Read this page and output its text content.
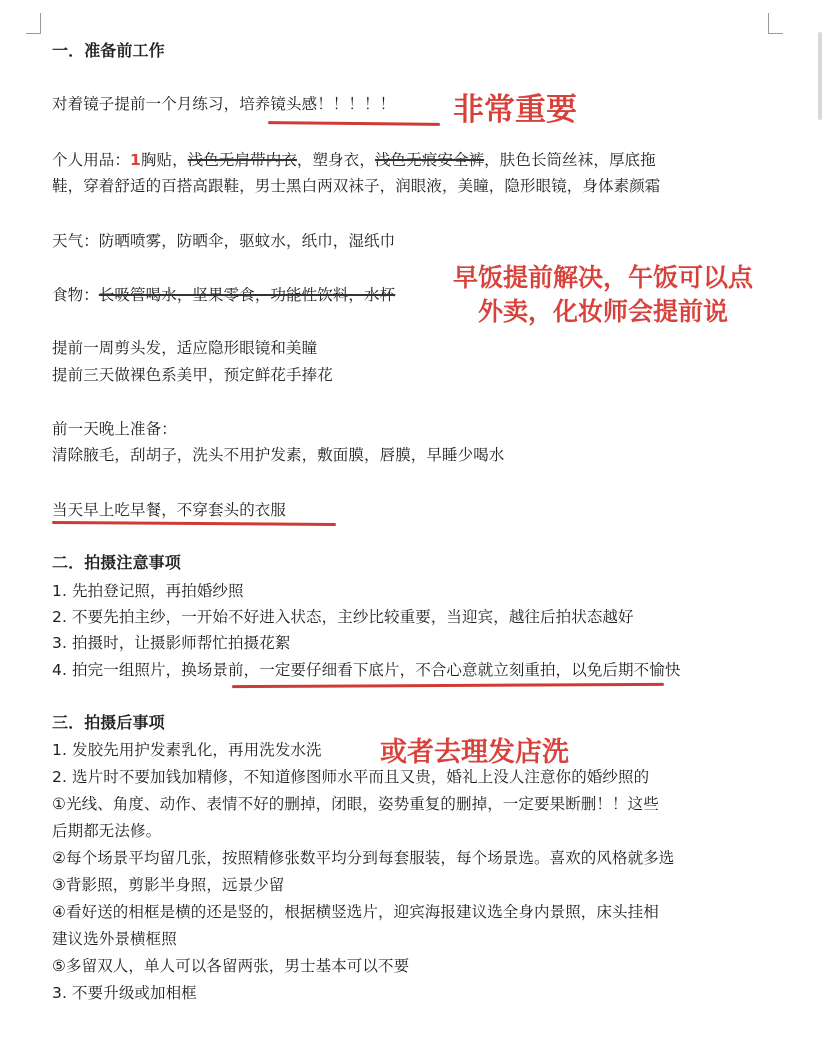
一．准备前工作
对着镜子提前一个月练习，培养镜头感！！！！！
个人用品：1胸贴，浅色无肩带内衣，塑身衣，浅色无痕安全裤，肤色长筒丝袜，厚底拖
鞋，穿着舒适的百搭高跟鞋，男士黑白两双袜子，润眼液，美瞳，隐形眼镜，身体素颜霜
天气：防晒喷雾，防晒伞，驱蚊水，纸巾，湿纸巾
食物：长吸管喝水，坚果零食，功能性饮料，水杯
提前一周剪头发，适应隐形眼镜和美瞳
提前三天做裸色系美甲，预定鲜花手捧花
前一天晚上准备：
清除腋毛，刮胡子，洗头不用护发素，敷面膜，唇膜，早睡少喝水
当天早上吃早餐，不穿套头的衣服
二．拍摄注意事项
1. 先拍登记照，再拍婚纱照
2. 不要先拍主纱，一开始不好进入状态，主纱比较重要，当迎宾，越往后拍状态越好
3. 拍摄时，让摄影师帮忙拍摄花絮
4. 拍完一组照片，换场景前，一定要仔细看下底片，不合心意就立刻重拍，以免后期不愉快
三．拍摄后事项
1. 发胶先用护发素乳化，再用洗发水洗
2. 选片时不要加钱加精修，不知道修图师水平而且又贵，婚礼上没人注意你的婚纱照的
①光线、角度、动作、表情不好的删掉，闭眼，姿势重复的删掉，一定要果断删！！这些
后期都无法修。
②每个场景平均留几张，按照精修张数平均分到每套服装，每个场景选。喜欢的风格就多选
③背影照，剪影半身照，远景少留
④看好送的相框是横的还是竖的，根据横竖选片，迎宾海报建议选全身内景照，床头挂相
建议选外景横框照
⑤多留双人，单人可以各留两张，男士基本可以不要
3. 不要升级或加相框
非常重要
早饭提前解决，午饭可以点
外卖，化妆师会提前说
或者去理发店洗
